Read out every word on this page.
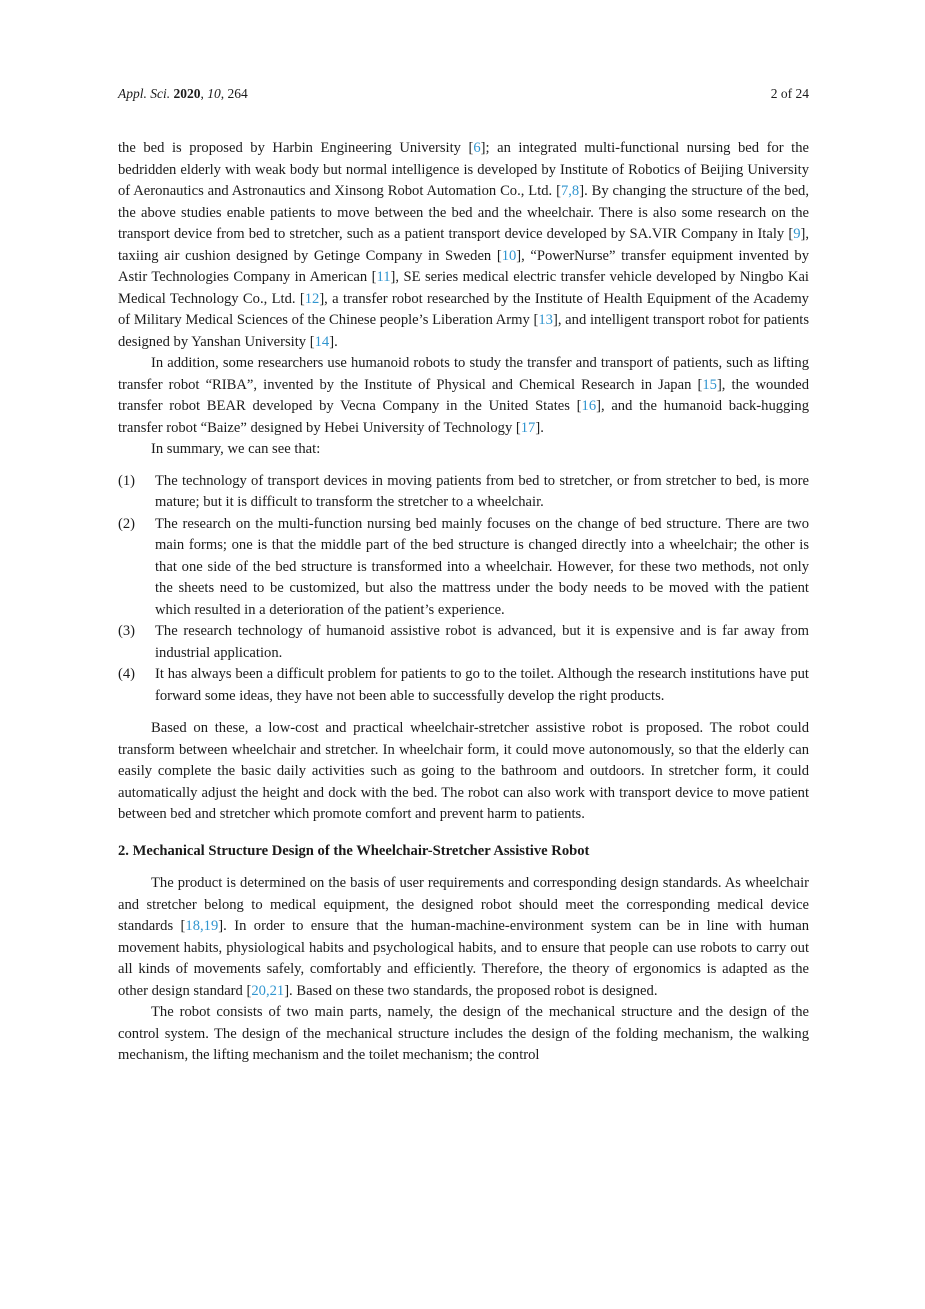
Appl. Sci. 2020, 10, 264	2 of 24

the bed is proposed by Harbin Engineering University [6]; an integrated multi-functional nursing bed for the bedridden elderly with weak body but normal intelligence is developed by Institute of Robotics of Beijing University of Aeronautics and Astronautics and Xinsong Robot Automation Co., Ltd. [7,8]. By changing the structure of the bed, the above studies enable patients to move between the bed and the wheelchair. There is also some research on the transport device from bed to stretcher, such as a patient transport device developed by SA.VIR Company in Italy [9], taxiing air cushion designed by Getinge Company in Sweden [10], “PowerNurse” transfer equipment invented by Astir Technologies Company in American [11], SE series medical electric transfer vehicle developed by Ningbo Kai Medical Technology Co., Ltd. [12], a transfer robot researched by the Institute of Health Equipment of the Academy of Military Medical Sciences of the Chinese people’s Liberation Army [13], and intelligent transport robot for patients designed by Yanshan University [14].

In addition, some researchers use humanoid robots to study the transfer and transport of patients, such as lifting transfer robot “RIBA”, invented by the Institute of Physical and Chemical Research in Japan [15], the wounded transfer robot BEAR developed by Vecna Company in the United States [16], and the humanoid back-hugging transfer robot “Baize” designed by Hebei University of Technology [17].

In summary, we can see that:

(1)	The technology of transport devices in moving patients from bed to stretcher, or from stretcher to bed, is more mature; but it is difficult to transform the stretcher to a wheelchair.
(2)	The research on the multi-function nursing bed mainly focuses on the change of bed structure. There are two main forms; one is that the middle part of the bed structure is changed directly into a wheelchair; the other is that one side of the bed structure is transformed into a wheelchair. However, for these two methods, not only the sheets need to be customized, but also the mattress under the body needs to be moved with the patient which resulted in a deterioration of the patient’s experience.
(3)	The research technology of humanoid assistive robot is advanced, but it is expensive and is far away from industrial application.
(4)	It has always been a difficult problem for patients to go to the toilet. Although the research institutions have put forward some ideas, they have not been able to successfully develop the right products.

Based on these, a low-cost and practical wheelchair-stretcher assistive robot is proposed. The robot could transform between wheelchair and stretcher. In wheelchair form, it could move autonomously, so that the elderly can easily complete the basic daily activities such as going to the bathroom and outdoors. In stretcher form, it could automatically adjust the height and dock with the bed. The robot can also work with transport device to move patient between bed and stretcher which promote comfort and prevent harm to patients.

2. Mechanical Structure Design of the Wheelchair-Stretcher Assistive Robot

The product is determined on the basis of user requirements and corresponding design standards. As wheelchair and stretcher belong to medical equipment, the designed robot should meet the corresponding medical device standards [18,19]. In order to ensure that the human-machine-environment system can be in line with human movement habits, physiological habits and psychological habits, and to ensure that people can use robots to carry out all kinds of movements safely, comfortably and efficiently. Therefore, the theory of ergonomics is adapted as the other design standard [20,21]. Based on these two standards, the proposed robot is designed.

The robot consists of two main parts, namely, the design of the mechanical structure and the design of the control system. The design of the mechanical structure includes the design of the folding mechanism, the walking mechanism, the lifting mechanism and the toilet mechanism; the control
